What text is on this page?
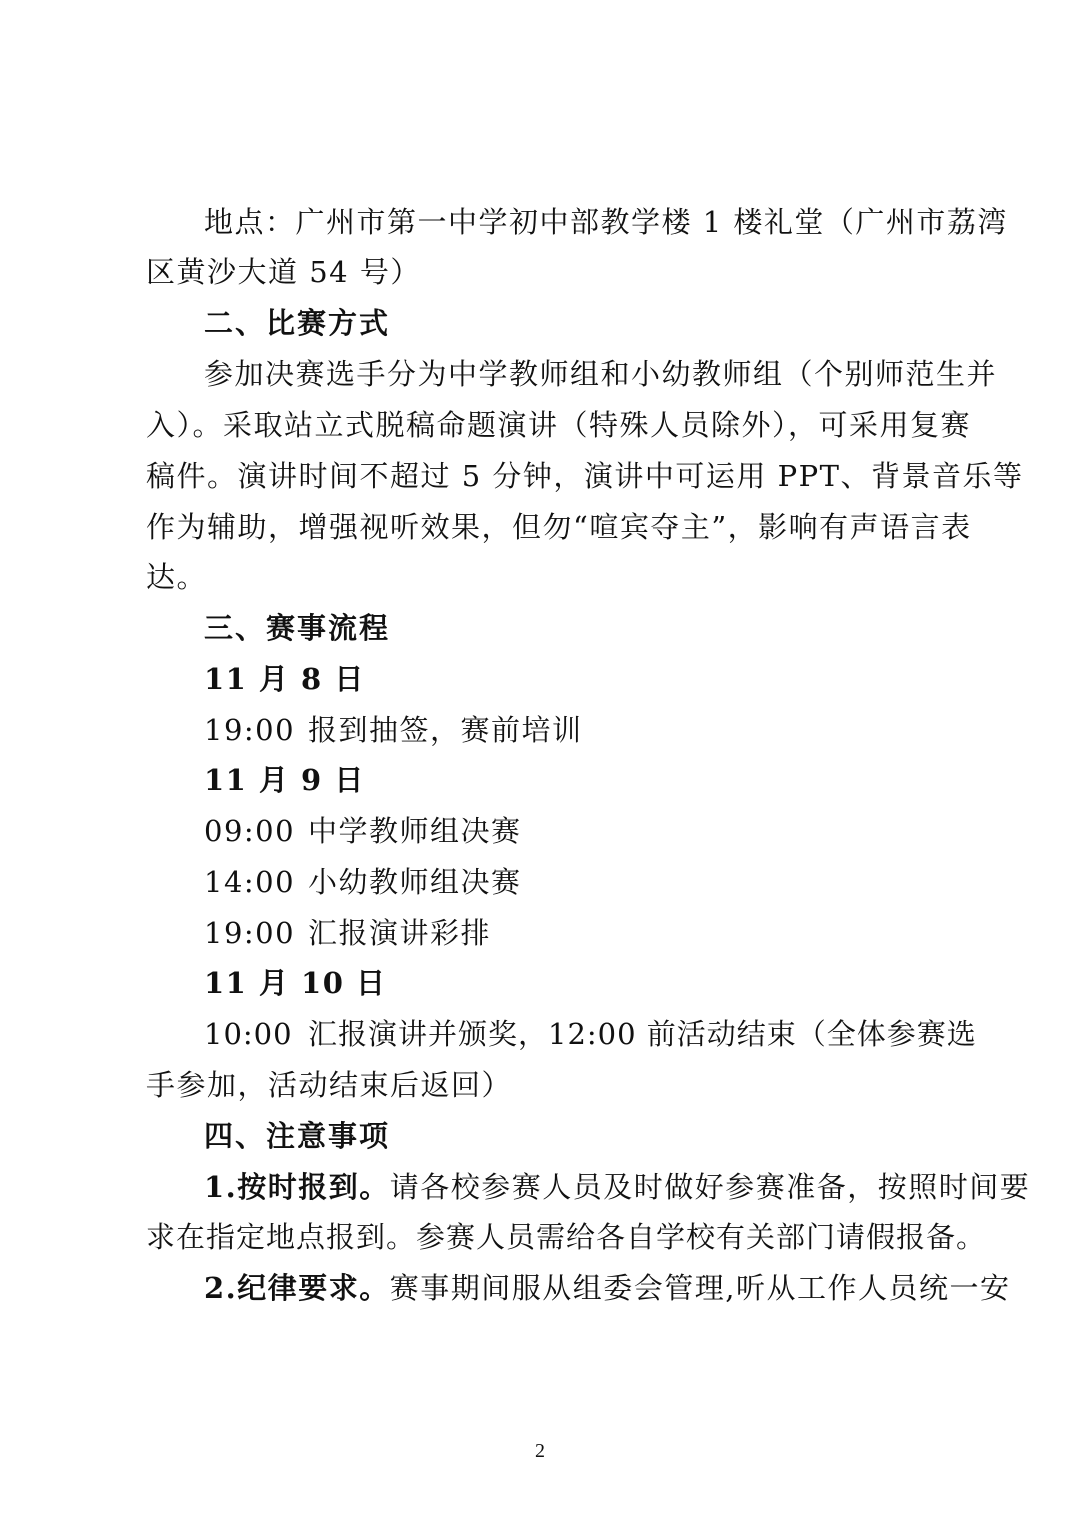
地点：广州市第一中学初中部教学楼 1 楼礼堂（广州市荔湾
区黄沙大道 54 号）
二、比赛方式
参加决赛选手分为中学教师组和小幼教师组（个别师范生并
入）。采取站立式脱稿命题演讲（特殊人员除外），可采用复赛
稿件。演讲时间不超过 5 分钟，演讲中可运用 PPT、背景音乐等
作为辅助，增强视听效果，但勿“喧宾夺主”，影响有声语言表
达。
三、赛事流程
11 月 8 日
19:00 报到抽签，赛前培训
11 月 9 日
09:00 中学教师组决赛
14:00 小幼教师组决赛
19:00 汇报演讲彩排
11 月 10 日
10:00 汇报演讲并颁奖，12:00 前活动结束（全体参赛选
手参加，活动结束后返回）
四、注意事项
1.按时报到。请各校参赛人员及时做好参赛准备，按照时间要
求在指定地点报到。参赛人员需给各自学校有关部门请假报备。
2.纪律要求。赛事期间服从组委会管理,听从工作人员统一安
2
